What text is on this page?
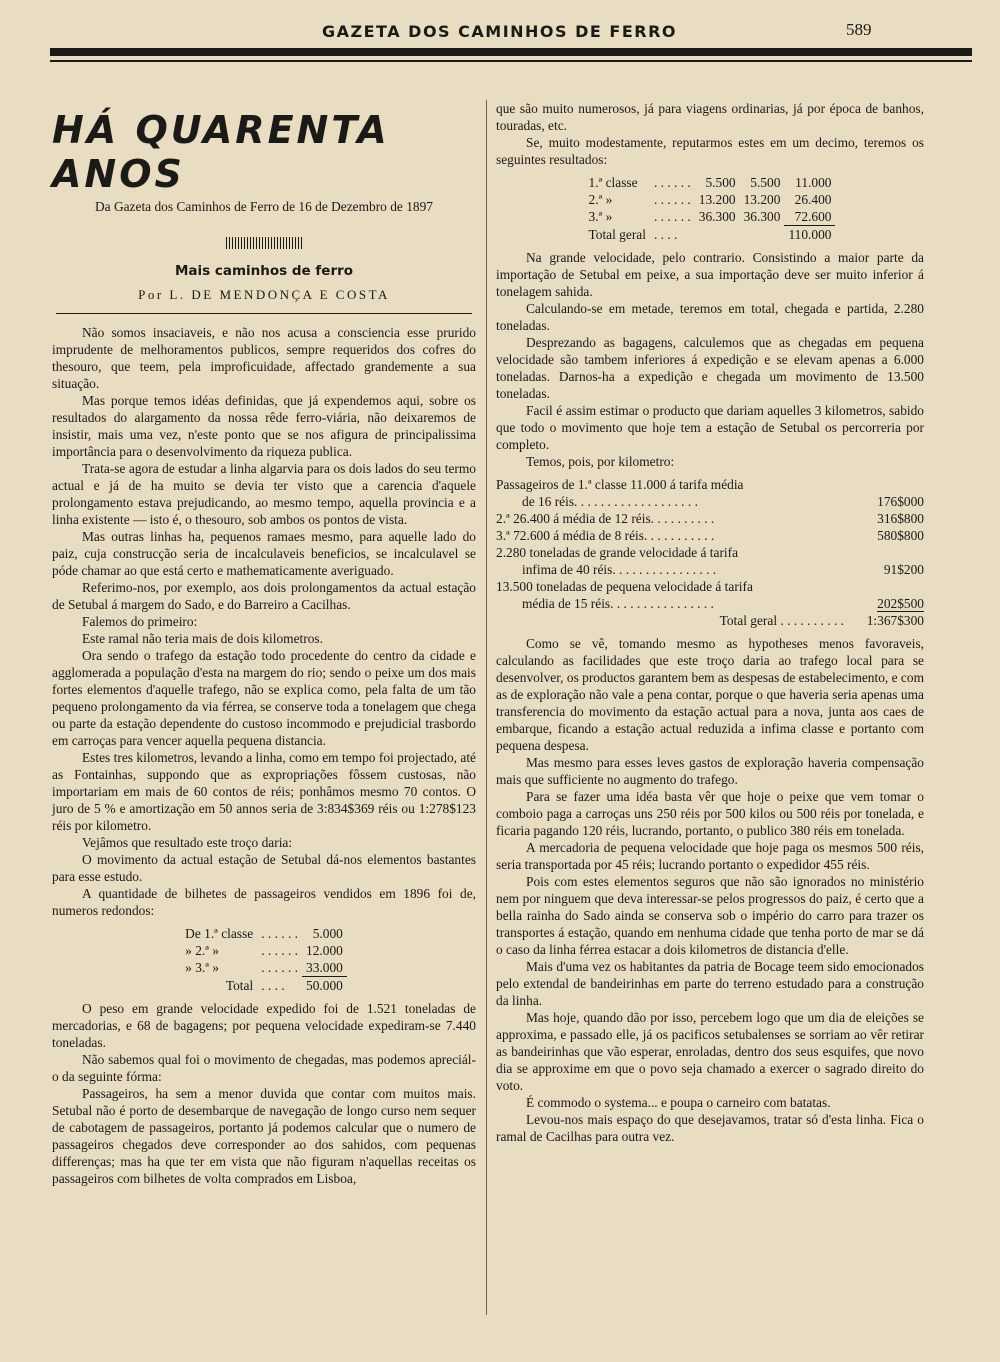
GAZETA DOS CAMINHOS DE FERRO	589
HÁ QUARENTA ANOS
Da Gazeta dos Caminhos de Ferro de 16 de Dezembro de 1897
Mais caminhos de ferro
Por L. DE MENDONÇA E COSTA

Não somos insaciaveis, e não nos acusa a consciencia esse prurido imprudente de melhoramentos publicos, sempre requeridos dos cofres do thesouro, que teem, pela improficuidade, affectado grandemente a sua situação.

Mas porque temos idéas definidas, que já expendemos aqui, sobre os resultados do alargamento da nossa rêde ferro-viária, não deixaremos de insistir, mais uma vez, n'este ponto que se nos afigura de principalissima importância para o desenvolvimento da riqueza publica.

Trata-se agora de estudar a linha algarvia para os dois lados do seu termo actual e já de ha muito se devia ter visto que a carencia d'aquele prolongamento estava prejudicando, ao mesmo tempo, aquella provincia e a linha existente — isto é, o thesouro, sob ambos os pontos de vista.

Mas outras linhas ha, pequenos ramaes mesmo, para aquelle lado do paiz, cuja construcção seria de incalculaveis beneficios, se incalculavel se póde chamar ao que está certo e mathematicamente averiguado.

Referimo-nos, por exemplo, aos dois prolongamentos da actual estação de Setubal á margem do Sado, e do Barreiro a Cacilhas.

Falemos do primeiro:

Este ramal não teria mais de dois kilometros.

Ora sendo o trafego da estação todo procedente do centro da cidade e agglomerada a população d'esta na margem do rio; sendo o peixe um dos mais fortes elementos d'aquelle trafego, não se explica como, pela falta de um tão pequeno prolongamento da via férrea, se conserve toda a tonelagem que chega ou parte da estação dependente do custoso incommodo e prejudicial trasbordo em carroças para vencer aquella pequena distancia.

Estes tres kilometros, levando a linha, como em tempo foi projectado, até as Fontainhas, suppondo que as expropriações fôssem custosas, não importariam em mais de 60 contos de réis; ponhâmos mesmo 70 contos. O juro de 5 % e amortização em 50 annos seria de 3:834$369 réis ou 1:278$123 réis por kilometro.

Vejâmos que resultado este troço daria:

O movimento da actual estação de Setubal dá-nos elementos bastantes para esse estudo.

A quantidade de bilhetes de passageiros vendidos em 1896 foi de, numeros redondos:

De 1.ª classe	. . . . . .	5.000
» 2.ª »	. . . . . .	12.000
» 3.ª »	. . . . . .	33.000
Total	. . . .	50.000

O peso em grande velocidade expedido foi de 1.521 toneladas de mercadorias, e 68 de bagagens; por pequena velocidade expediram-se 7.440 toneladas.

Não sabemos qual foi o movimento de chegadas, mas podemos apreciál-o da seguinte fórma:

Passageiros, ha sem a menor duvida que contar com muitos mais. Setubal não é porto de desembarque de navegação de longo curso nem sequer de cabotagem de passageiros, portanto já podemos calcular que o numero de passageiros chegados deve corresponder ao dos sahidos, com pequenas differenças; mas ha que ter em vista que não figuram n'aquellas receitas os passageiros com bilhetes de volta comprados em Lisboa,

que são muito numerosos, já para viagens ordinarias, já por época de banhos, touradas, etc.

Se, muito modestamente, reputarmos estes em um decimo, teremos os seguintes resultados:

1.ª classe	. . . . . .	5.500	5.500	11.000
2.ª »	. . . . . .	13.200	13.200	26.400
3.ª »	. . . . . .	36.300	36.300	72.600
Total geral	. . . .			110.000

Na grande velocidade, pelo contrario. Consistindo a maior parte da importação de Setubal em peixe, a sua importação deve ser muito inferior á tonelagem sahida.

Calculando-se em metade, teremos em total, chegada e partida, 2.280 toneladas.

Desprezando as bagagens, calculemos que as chegadas em pequena velocidade são tambem inferiores á expedição e se elevam apenas a 6.000 toneladas. Darnos-ha a expedição e chegada um movimento de 13.500 toneladas.

Facil é assim estimar o producto que dariam aquelles 3 kilometros, sabido que todo o movimento que hoje tem a estação de Setubal os percorreria por completo.

Temos, pois, por kilometro:

Passageiros de 1.ª classe 11.000 á tarifa média
de 16 réis. . . . . . . . . . . . . . . . . . .	176$000

2.ª 26.400 á média de 12 réis. . . . . . . . . .	316$800

3.ª 72.600 á média de 8 réis. . . . . . . . . . .	580$800

2.280 toneladas de grande velocidade á tarifa
infima de 40 réis. . . . . . . . . . . . . . . .	91$200

13.500 toneladas de pequena velocidade á tarifa
média de 15 réis. . . . . . . . . . . . . . . .	202$500

Total geral . . . . . . . . . .	1:367$300

Como se vê, tomando mesmo as hypotheses menos favoraveis, calculando as facilidades que este troço daria ao trafego local para se desenvolver, os productos garantem bem as despesas de estabelecimento, e com as de exploração não vale a pena contar, porque o que haveria seria apenas uma transferencia do movimento da estação actual para a nova, junta aos caes de embarque, ficando a estação actual reduzida a infima classe e portanto com pequena despesa.

Mas mesmo para esses leves gastos de exploração haveria compensação mais que sufficiente no augmento do trafego.

Para se fazer uma idéa basta vêr que hoje o peixe que vem tomar o comboio paga a carroças uns 250 réis por 500 kilos ou 500 réis por tonelada, e ficaria pagando 120 réis, lucrando, portanto, o publico 380 réis em tonelada.

A mercadoria de pequena velocidade que hoje paga os mesmos 500 réis, seria transportada por 45 réis; lucrando portanto o expedidor 455 réis.

Pois com estes elementos seguros que não são ignorados no ministério nem por ninguem que deva interessar-se pelos progressos do paiz, é certo que a bella rainha do Sado ainda se conserva sob o império do carro para trazer os transportes á estação, quando em nenhuma cidade que tenha porto de mar se dá o caso da linha férrea estacar a dois kilometros de distancia d'elle.

Mais d'uma vez os habitantes da patria de Bocage teem sido emocionados pelo extendal de bandeirinhas em parte do terreno estudado para a construção da linha.

Mas hoje, quando dão por isso, percebem logo que um dia de eleições se approxima, e passado elle, já os pacificos setubalenses se sorriam ao vêr retirar as bandeirinhas que vão esperar, enroladas, dentro dos seus esquifes, que novo dia se approxime em que o povo seja chamado a exercer o sagrado direito do voto.

É commodo o systema... e poupa o carneiro com batatas.

Levou-nos mais espaço do que desejavamos, tratar só d'esta linha. Fica o ramal de Cacilhas para outra vez.
